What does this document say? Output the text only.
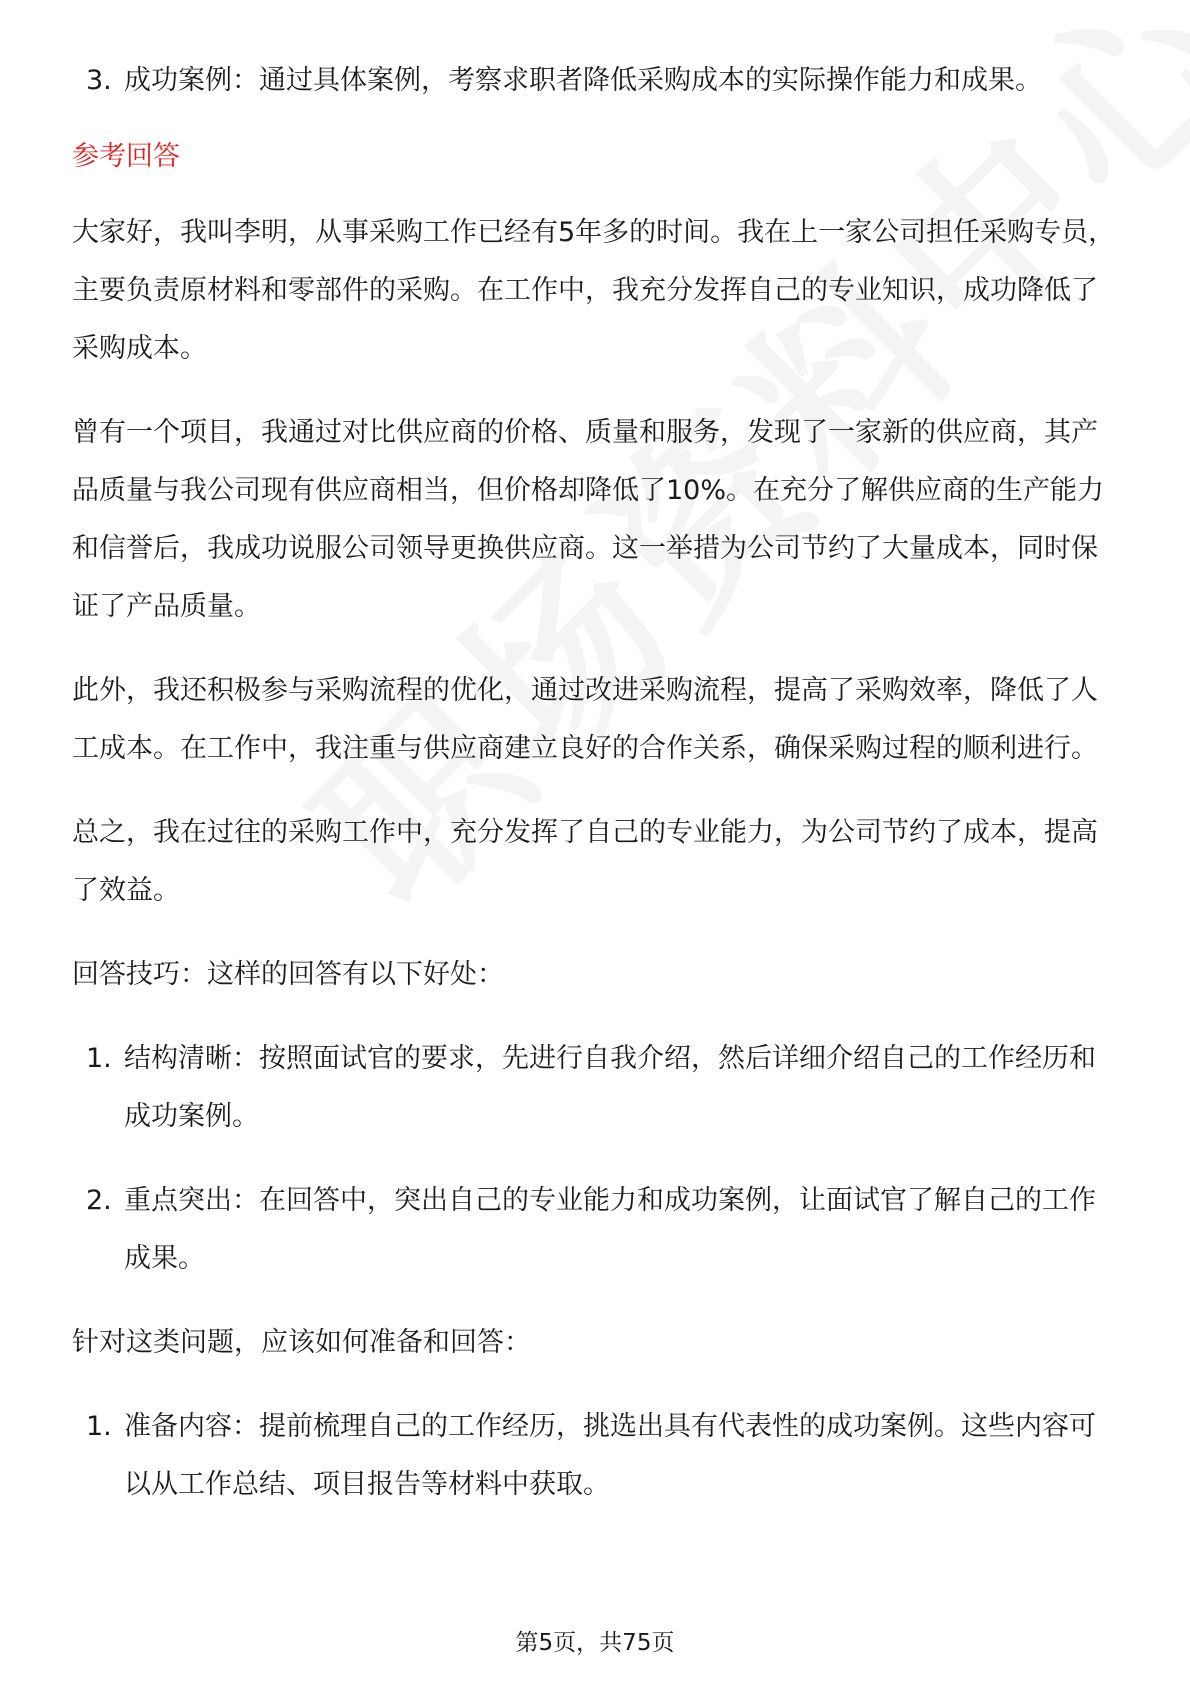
3. 成功案例：通过具体案例，考察求职者降低采购成本的实际操作能力和成果。
参考回答

大家好，我叫李明，从事采购工作已经有5年多的时间。我在上一家公司担任采购专员，主要负责原材料和零部件的采购。在工作中，我充分发挥自己的专业知识，成功降低了采购成本。

曾有一个项目，我通过对比供应商的价格、质量和服务，发现了一家新的供应商，其产品质量与我公司现有供应商相当，但价格却降低了10%。在充分了解供应商的生产能力和信誉后，我成功说服公司领导更换供应商。这一举措为公司节约了大量成本，同时保证了产品质量。

此外，我还积极参与采购流程的优化，通过改进采购流程，提高了采购效率，降低了人工成本。在工作中，我注重与供应商建立良好的合作关系，确保采购过程的顺利进行。

总之，我在过往的采购工作中，充分发挥了自己的专业能力，为公司节约了成本，提高了效益。

回答技巧：这样的回答有以下好处：

1. 结构清晰：按照面试官的要求，先进行自我介绍，然后详细介绍自己的工作经历和成功案例。
2. 重点突出：在回答中，突出自己的专业能力和成功案例，让面试官了解自己的工作成果。

针对这类问题，应该如何准备和回答：

1. 准备内容：提前梳理自己的工作经历，挑选出具有代表性的成功案例。这些内容可以从工作总结、项目报告等材料中获取。
第5页，共75页
